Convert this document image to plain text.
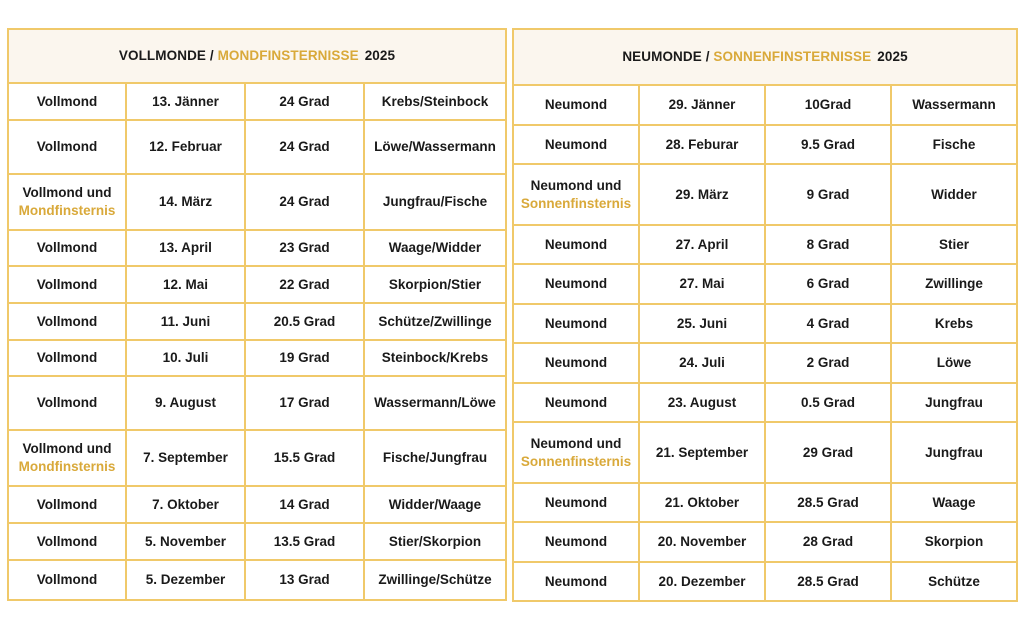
VOLLMONDE / MONDFINSTERNISSE 2025			

Vollmond	13. Jänner	24 Grad	Krebs/Steinbock

Vollmond	12. Februar	24 Grad	Löwe/Wassermann

Vollmond und
Mondfinsternis	14. März	24 Grad	Jungfrau/Fische

Vollmond	13. April	23 Grad	Waage/Widder

Vollmond	12. Mai	22 Grad	Skorpion/Stier

Vollmond	11. Juni	20.5 Grad	Schütze/Zwillinge

Vollmond	10. Juli	19 Grad	Steinbock/Krebs

Vollmond	9. August	17 Grad	Wassermann/Löwe

Vollmond und
Mondfinsternis	7. September	15.5 Grad	Fische/Jungfrau

Vollmond	7. Oktober	14 Grad	Widder/Waage

Vollmond	5. November	13.5 Grad	Stier/Skorpion

Vollmond	5. Dezember	13 Grad	Zwillinge/Schütze
NEUMONDE / SONNENFINSTERNISSE 2025			

Neumond	29. Jänner	10Grad	Wassermann

Neumond	28. Feburar	9.5 Grad	Fische

Neumond und
Sonnenfinsternis	29. März	9 Grad	Widder

Neumond	27. April	8 Grad	Stier

Neumond	27. Mai	6 Grad	Zwillinge

Neumond	25. Juni	4 Grad	Krebs

Neumond	24. Juli	2 Grad	Löwe

Neumond	23. August	0.5 Grad	Jungfrau

Neumond und
Sonnenfinsternis	21. September	29 Grad	Jungfrau

Neumond	21. Oktober	28.5 Grad	Waage

Neumond	20. November	28 Grad	Skorpion

Neumond	20. Dezember	28.5 Grad	Schütze
